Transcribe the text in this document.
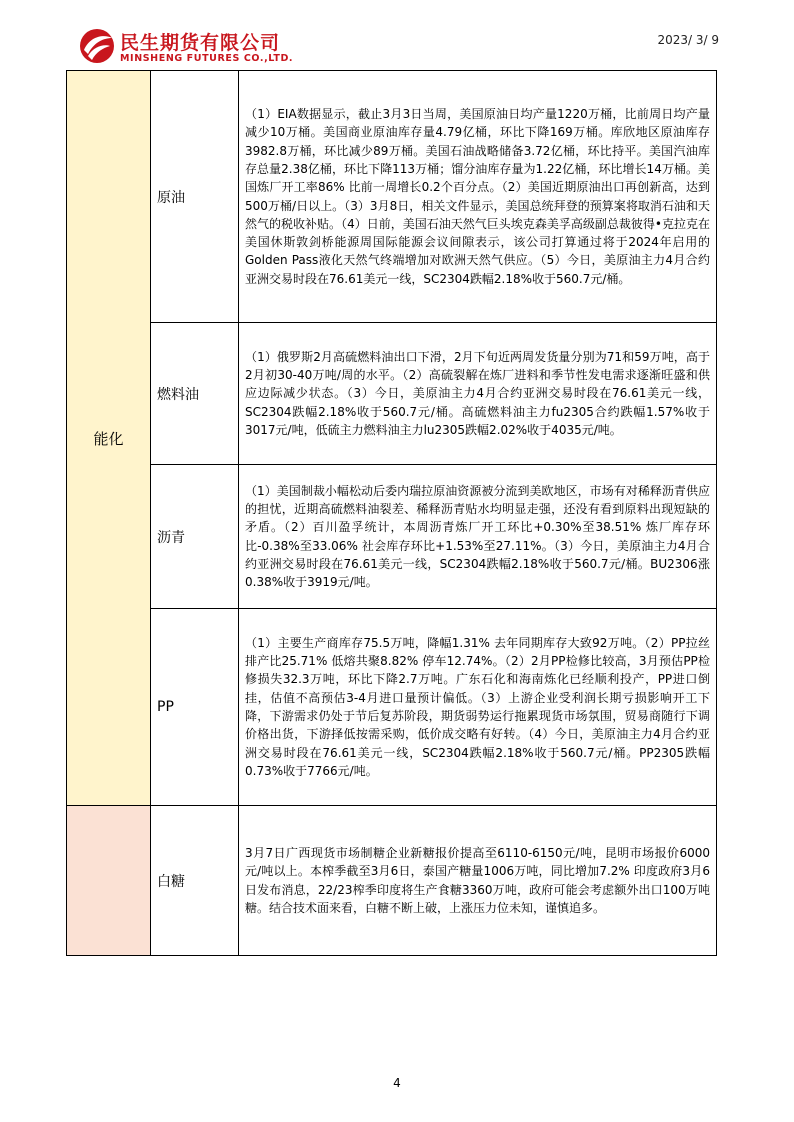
民生期货有限公司
MINSHENG FUTURES CO.,LTD.
2023/ 3/ 9
能化	原油	（1）EIA数据显示，截止3月3日当周，美国原油日均产量1220万桶，比前周日均产量减少10万桶。美国商业原油库存量4.79亿桶，环比下降169万桶。库欣地区原油库存3982.8万桶，环比减少89万桶。美国石油战略储备3.72亿桶，环比持平。美国汽油库存总量2.38亿桶，环比下降113万桶；馏分油库存量为1.22亿桶，环比增长14万桶。美国炼厂开工率86% 比前一周增长0.2个百分点。（2）美国近期原油出口再创新高，达到500万桶/日以上。（3）3月8日，相关文件显示，美国总统拜登的预算案将取消石油和天然气的税收补贴。（4）日前，美国石油天然气巨头埃克森美孚高级副总裁彼得•克拉克在美国休斯敦剑桥能源周国际能源会议间隙表示，该公司打算通过将于2024年启用的Golden Pass液化天然气终端增加对欧洲天然气供应。（5）今日，美原油主力4月合约亚洲交易时段在76.61美元一线，SC2304跌幅2.18%收于560.7元/桶。
	燃料油	（1）俄罗斯2月高硫燃料油出口下滑，2月下旬近两周发货量分别为71和59万吨，高于2月初30-40万吨/周的水平。（2）高硫裂解在炼厂进料和季节性发电需求逐渐旺盛和供应边际减少状态。（3）今日，美原油主力4月合约亚洲交易时段在76.61美元一线，SC2304跌幅2.18%收于560.7元/桶。高硫燃料油主力fu2305合约跌幅1.57%收于3017元/吨，低硫主力燃料油主力lu2305跌幅2.02%收于4035元/吨。
	沥青	（1）美国制裁小幅松动后委内瑞拉原油资源被分流到美欧地区，市场有对稀释沥青供应的担忧，近期高硫燃料油裂差、稀释沥青贴水均明显走强，还没有看到原料出现短缺的矛盾。（2）百川盈孚统计，本周沥青炼厂开工环比+0.30%至38.51% 炼厂库存环比-0.38%至33.06% 社会库存环比+1.53%至27.11%。（3）今日，美原油主力4月合约亚洲交易时段在76.61美元一线，SC2304跌幅2.18%收于560.7元/桶。BU2306涨0.38%收于3919元/吨。
	PP	（1）主要生产商库存75.5万吨，降幅1.31% 去年同期库存大致92万吨。（2）PP拉丝排产比25.71% 低熔共聚8.82% 停车12.74%。（2）2月PP检修比较高，3月预估PP检修损失32.3万吨，环比下降2.7万吨。广东石化和海南炼化已经顺利投产，PP进口倒挂，估值不高预估3-4月进口量预计偏低。（3）上游企业受利润长期亏损影响开工下降，下游需求仍处于节后复苏阶段，期货弱势运行拖累现货市场氛围，贸易商随行下调价格出货，下游择低按需采购，低价成交略有好转。（4）今日，美原油主力4月合约亚洲交易时段在76.61美元一线，SC2304跌幅2.18%收于560.7元/桶。PP2305跌幅0.73%收于7766元/吨。
	白糖	3月7日广西现货市场制糖企业新糖报价提高至6110-6150元/吨，昆明市场报价6000元/吨以上。本榨季截至3月6日，泰国产糖量1006万吨，同比增加7.2% 印度政府3月6日发布消息，22/23榨季印度将生产食糖3360万吨，政府可能会考虑额外出口100万吨糖。结合技术面来看，白糖不断上破，上涨压力位未知，谨慎追多。
4
